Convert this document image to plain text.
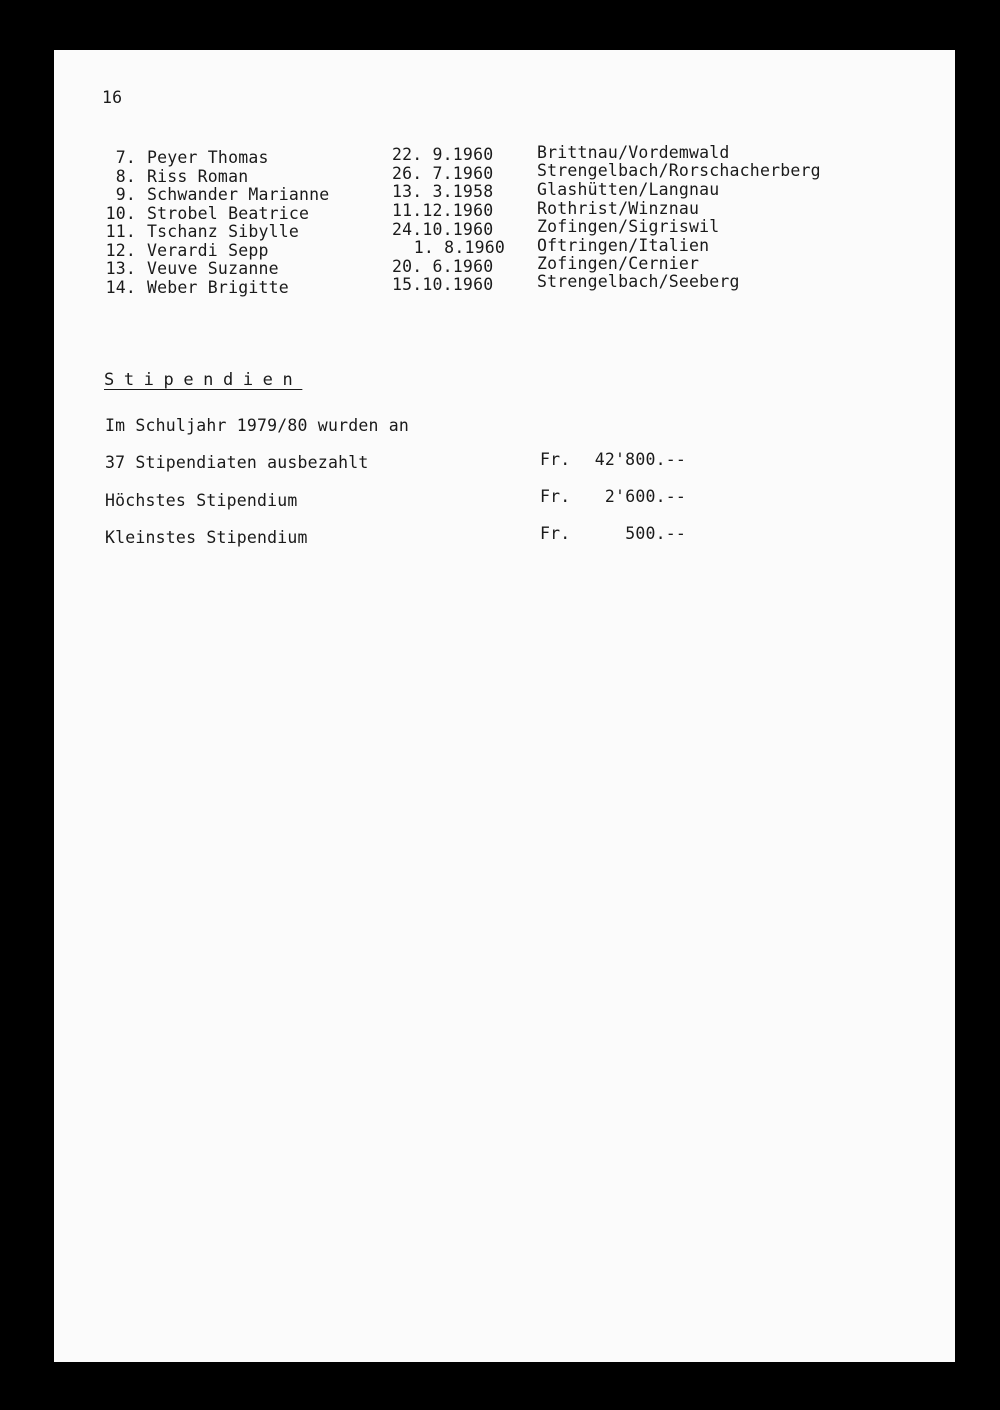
16
7. Peyer Thomas	22. 9.1960	Brittnau/Vordemwald
8. Riss Roman	26. 7.1960	Strengelbach/Rorschacherberg
9. Schwander Marianne	13. 3.1958	Glashütten/Langnau
10. Strobel Beatrice	11.12.1960	Rothrist/Winznau
11. Tschanz Sibylle	24.10.1960	Zofingen/Sigriswil
12. Verardi Sepp	1. 8.1960 Oftringen/Italien
13. Veuve Suzanne	20. 6.1960	Zofingen/Cernier
14. Weber Brigitte	15.10.1960	Strengelbach/Seeberg
Stipendien
Im Schuljahr 1979/80 wurden an
37 Stipendiaten ausbezahlt	Fr.	42'800.--
Höchstes Stipendium	Fr.	2'600.--
Kleinstes Stipendium	Fr.	500.--
